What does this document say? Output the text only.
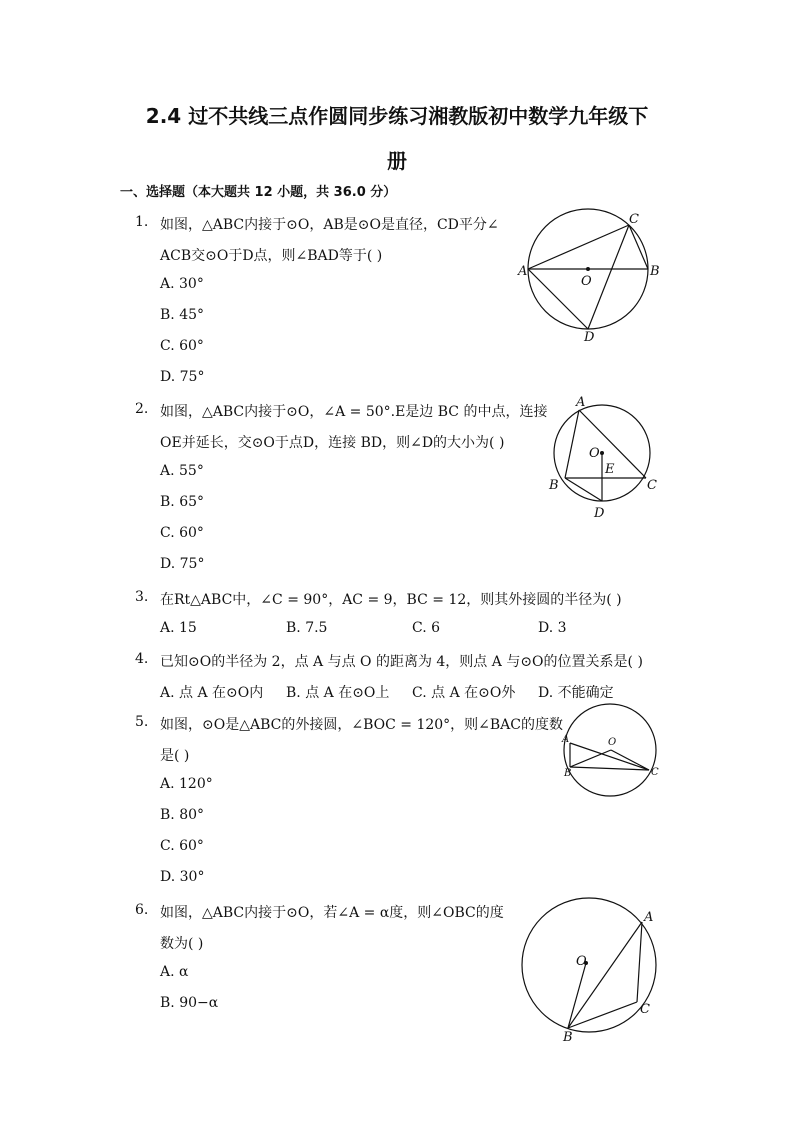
2.4 过不共线三点作圆同步练习湘教版初中数学九年级下
册
一、选择题（本大题共 12 小题，共 36.0 分）
1. 如图，△ABC内接于⊙O，AB是⊙O是直径，CD平分∠
ACB交⊙O于D点，则∠BAD等于( )
A. 30°
B. 45°
C. 60°
D. 75°
A	B
C
D
O
2. 如图，△ABC内接于⊙O，∠A = 50°.E是边 BC 的中点，连接
OE并延长，交⊙O于点D，连接 BD，则∠D的大小为( )
A. 55°
B. 65°
C. 60°
D. 75°
A
B	C
D
O
E
3. 在Rt△ABC中，∠C = 90°，AC = 9，BC = 12，则其外接圆的半径为( )
A. 15	B. 7.5	C. 6	D. 3
4. 已知⊙O的半径为 2，点 A 与点 O 的距离为 4，则点 A 与⊙O的位置关系是( )
A. 点 A 在⊙O内 B. 点 A 在⊙O上 C. 点 A 在⊙O外 D. 不能确定
5. 如图，⊙O是△ABC的外接圆，∠BOC = 120°，则∠BAC的度数
是( )
A. 120°
B. 80°
C. 60°
D. 30°
A
B	C
O
6. 如图，△ABC内接于⊙O，若∠A = α度，则∠OBC的度
数为( )
A. α
B. 90−α
A
B
C
O
